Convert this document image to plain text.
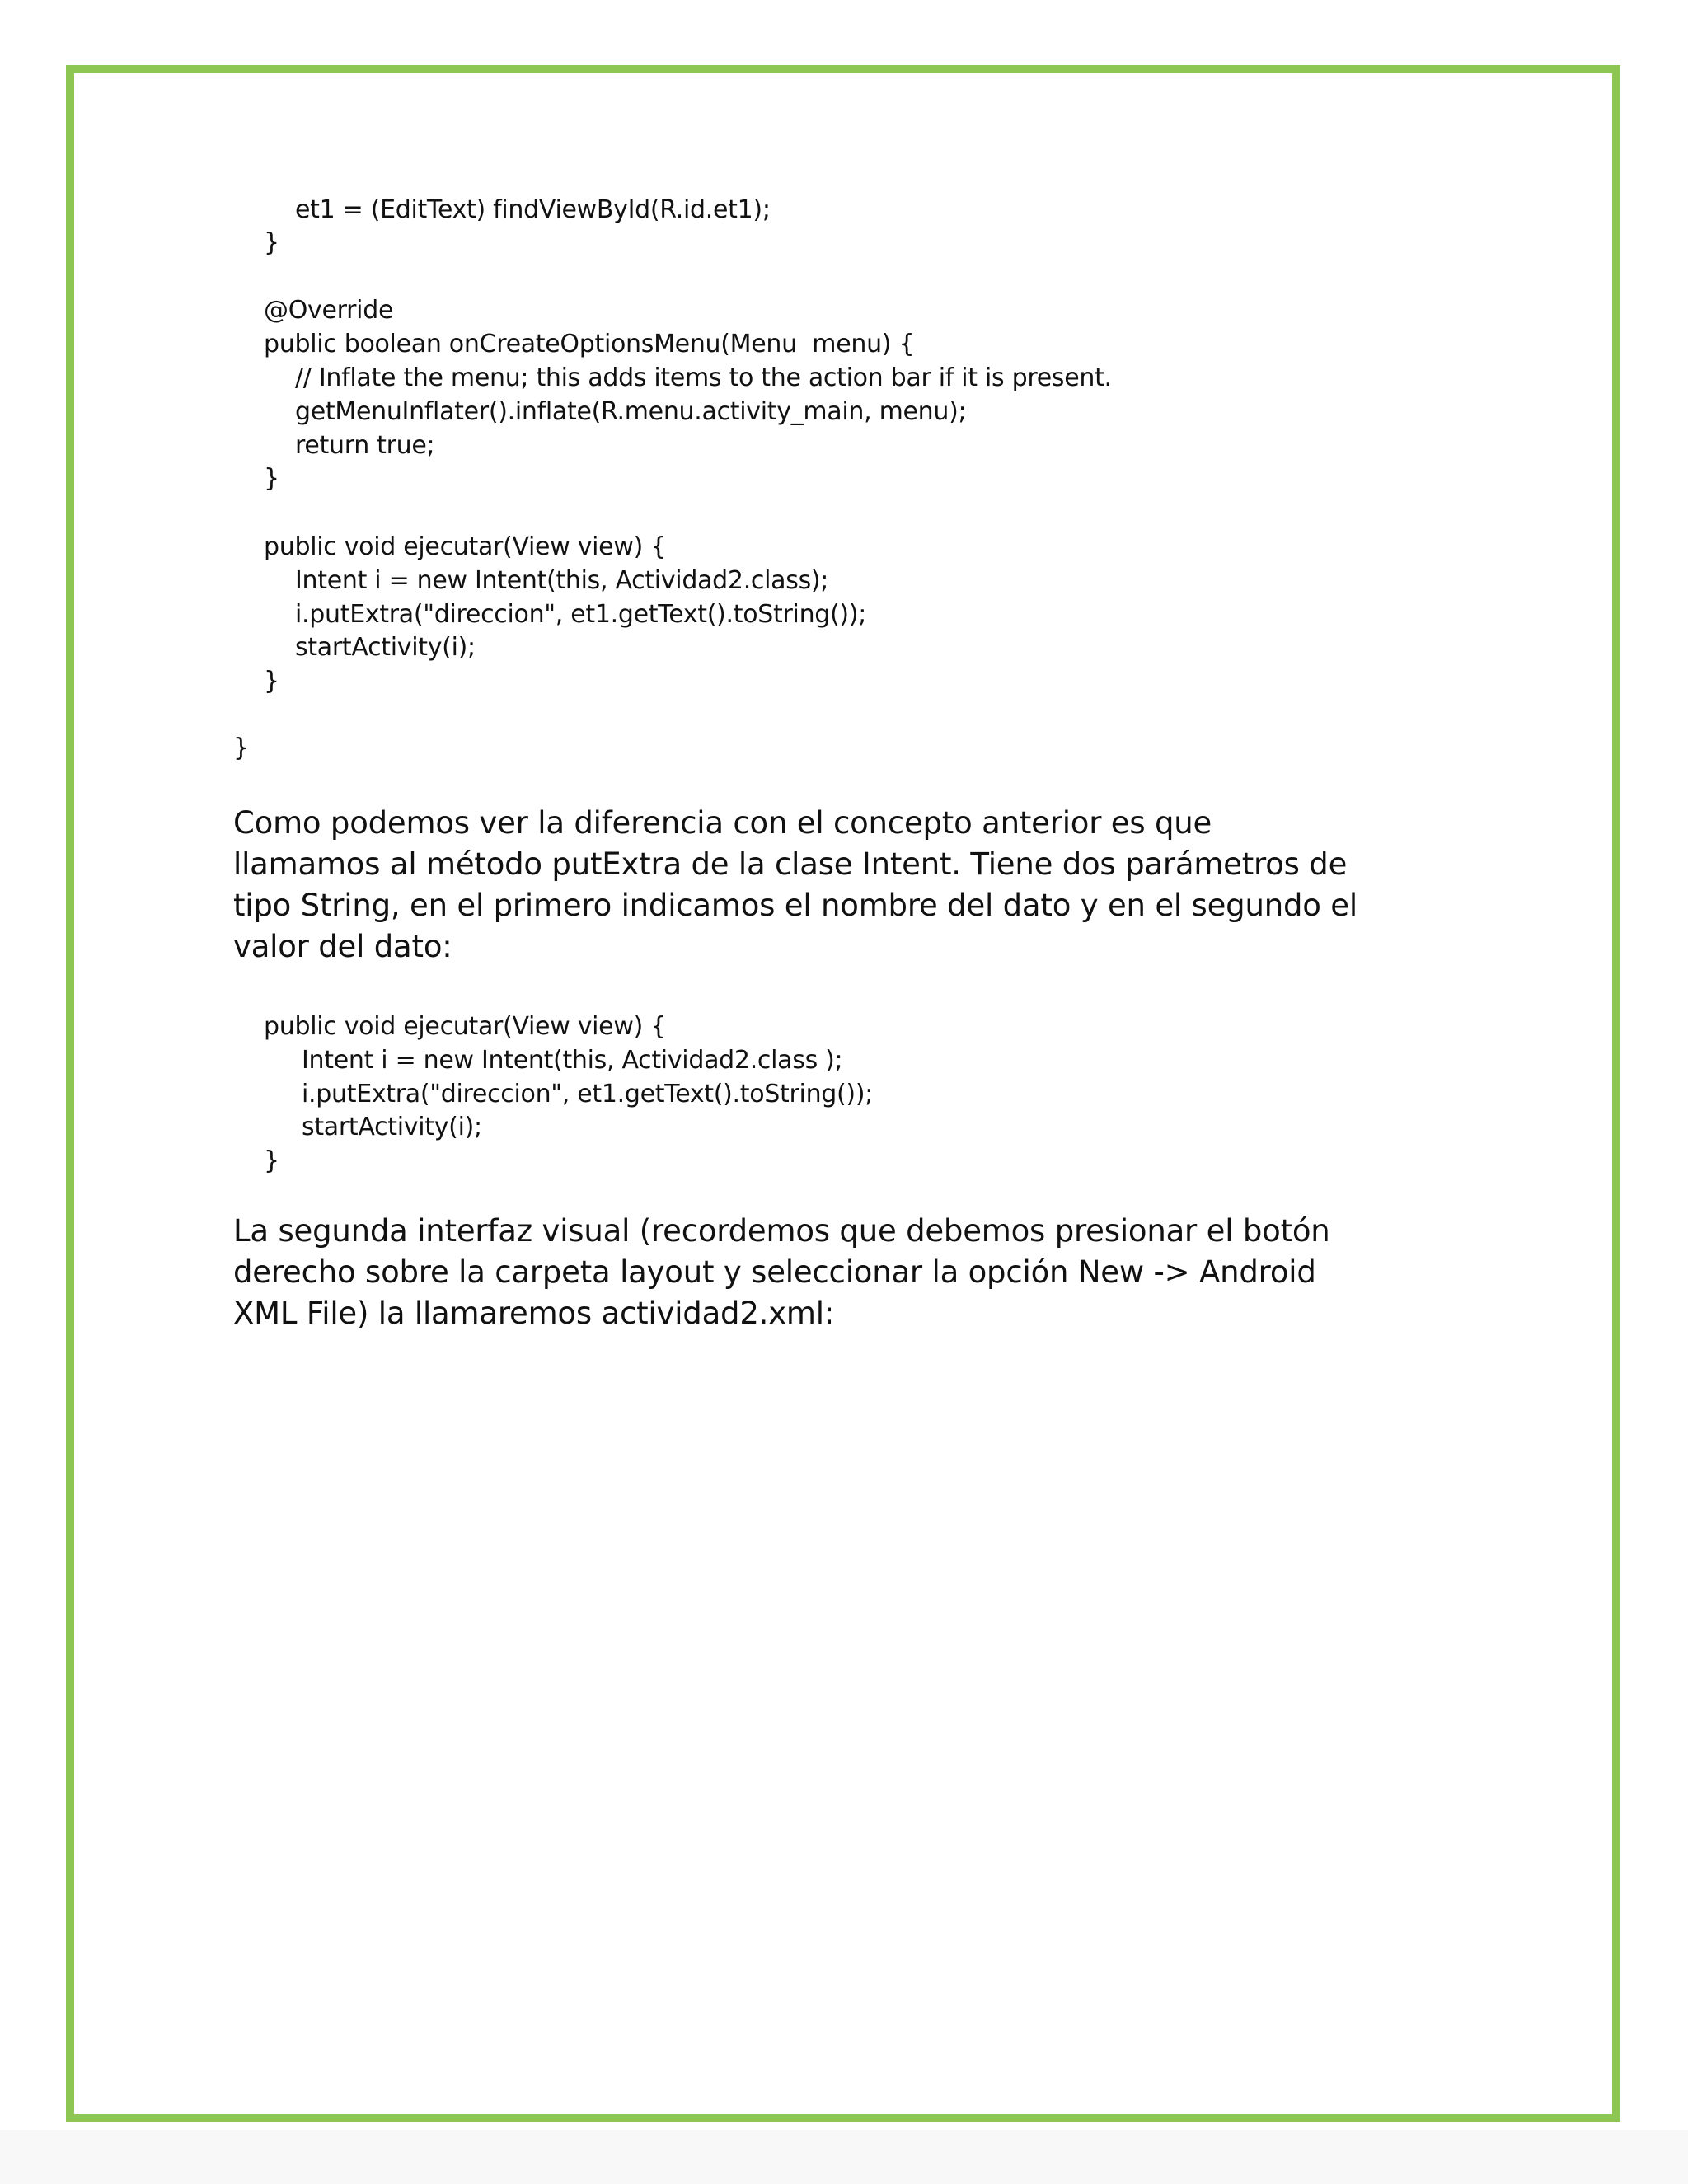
et1 = (EditText) findViewById(R.id.et1);
}
@Override
public boolean onCreateOptionsMenu(Menu  menu) {
// Inflate the menu; this adds items to the action bar if it is present.
getMenuInflater().inflate(R.menu.activity_main, menu);
return true;
}
public void ejecutar(View view) {
Intent i = new Intent(this, Actividad2.class);
i.putExtra("direccion", et1.getText().toString());
startActivity(i);
}
}
Como podemos ver la diferencia con el concepto anterior es que
llamamos al método putExtra de la clase Intent. Tiene dos parámetros de
tipo String, en el primero indicamos el nombre del dato y en el segundo el
valor del dato:
public void ejecutar(View view) {
Intent i = new Intent(this, Actividad2.class );
i.putExtra("direccion", et1.getText().toString());
startActivity(i);
}
La segunda interfaz visual (recordemos que debemos presionar el botón
derecho sobre la carpeta layout y seleccionar la opción New -> Android
XML File) la llamaremos actividad2.xml:
